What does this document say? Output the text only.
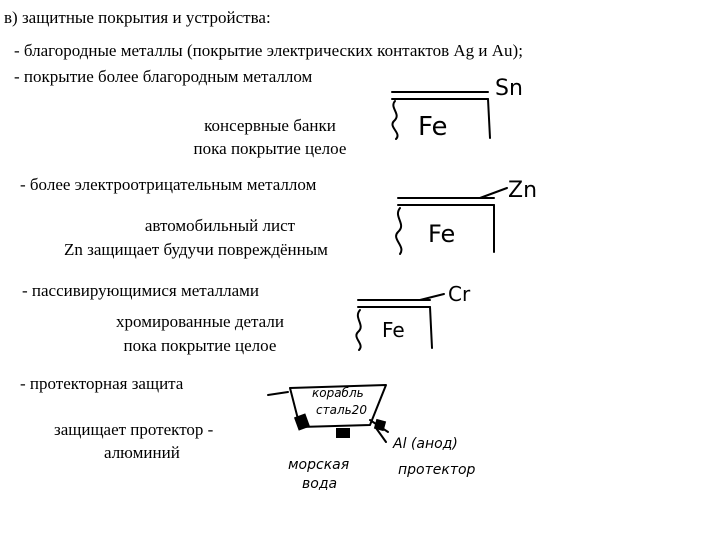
в) защитные покрытия и устройства:
- благородные металлы (покрытие электрических контактов Ag и Au);
- покрытие более благородным металлом
консервные банки
пока покрытие целое
- более электроотрицательным металлом
автомобильный лист
Zn защищает будучи повреждённым
- пассивирующимися металлами
хромированные детали
пока покрытие целое
- протекторная защита
защищает протектор -
алюминий
Sn
Fe
Zn
Fe
Cr
Fe
корабль
сталь20
Al (анод)
протектор
морская
вода
